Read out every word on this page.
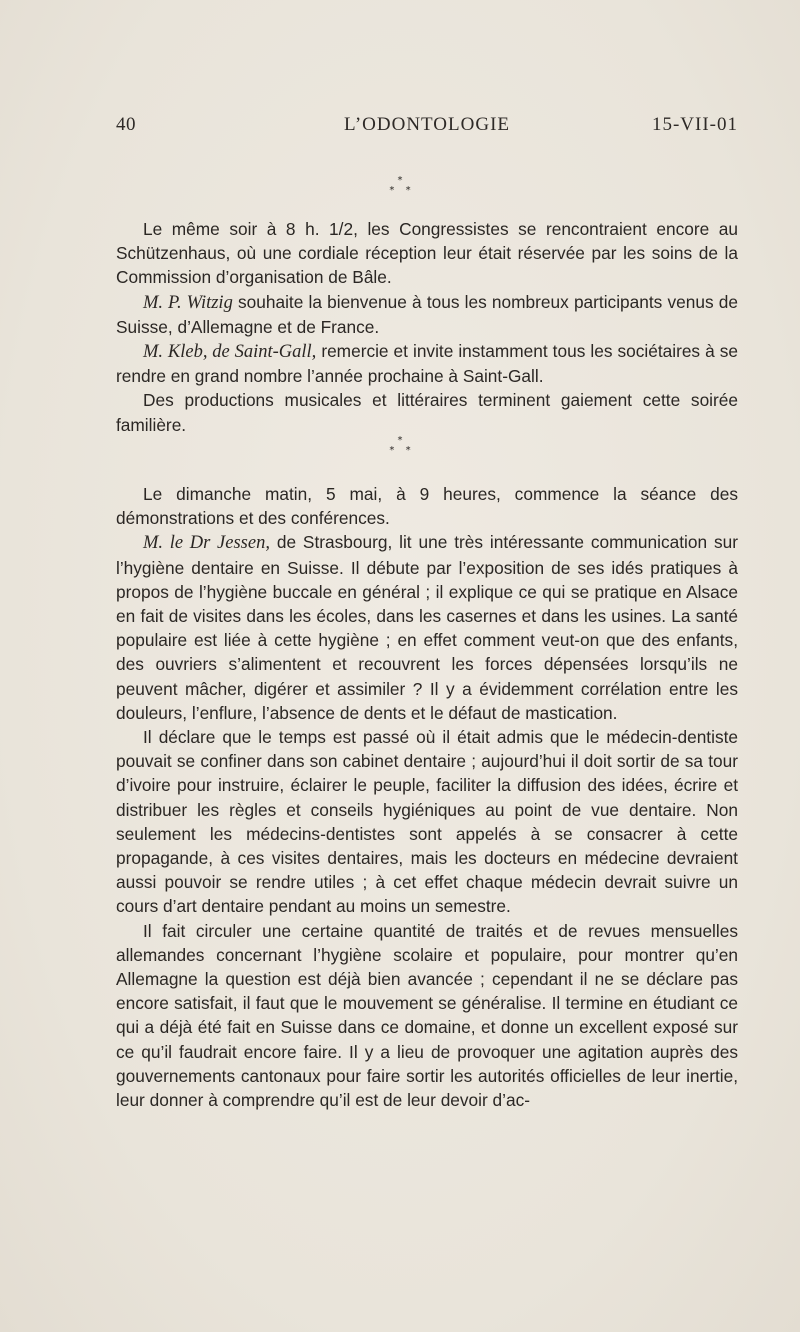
40	L’ODONTOLOGIE	15-VII-01
*
* *

Le même soir à 8 h. 1/2, les Congressistes se rencontraient encore au Schützenhaus, où une cordiale réception leur était réservée par les soins de la Commission d’organisation de Bâle.

M. P. Witzig souhaite la bienvenue à tous les nombreux participants venus de Suisse, d’Allemagne et de France.

M. Kleb, de Saint-Gall, remercie et invite instamment tous les sociétaires à se rendre en grand nombre l’année prochaine à Saint-Gall.

Des productions musicales et littéraires terminent gaiement cette soirée familière.

*
* *

Le dimanche matin, 5 mai, à 9 heures, commence la séance des démonstrations et des conférences.

M. le Dr Jessen, de Strasbourg, lit une très intéressante communication sur l’hygiène dentaire en Suisse. Il débute par l’exposition de ses idés pratiques à propos de l’hygiène buccale en général ; il explique ce qui se pratique en Alsace en fait de visites dans les écoles, dans les casernes et dans les usines. La santé populaire est liée à cette hygiène ; en effet comment veut-on que des enfants, des ouvriers s’alimentent et recouvrent les forces dépensées lorsqu’ils ne peuvent mâcher, digérer et assimiler ? Il y a évidemment corrélation entre les douleurs, l’enflure, l’absence de dents et le défaut de mastication.

Il déclare que le temps est passé où il était admis que le médecin-dentiste pouvait se confiner dans son cabinet dentaire ; aujourd’hui il doit sortir de sa tour d’ivoire pour instruire, éclairer le peuple, faciliter la diffusion des idées, écrire et distribuer les règles et conseils hygiéniques au point de vue dentaire. Non seulement les médecins-dentistes sont appelés à se consacrer à cette propagande, à ces visites dentaires, mais les docteurs en médecine devraient aussi pouvoir se rendre utiles ; à cet effet chaque médecin devrait suivre un cours d’art dentaire pendant au moins un semestre.

Il fait circuler une certaine quantité de traités et de revues mensuelles allemandes concernant l’hygiène scolaire et populaire, pour montrer qu’en Allemagne la question est déjà bien avancée ; cependant il ne se déclare pas encore satisfait, il faut que le mouvement se généralise. Il termine en étudiant ce qui a déjà été fait en Suisse dans ce domaine, et donne un excellent exposé sur ce qu’il faudrait encore faire. Il y a lieu de provoquer une agitation auprès des gouvernements cantonaux pour faire sortir les autorités officielles de leur inertie, leur donner à comprendre qu’il est de leur devoir d’ac-
